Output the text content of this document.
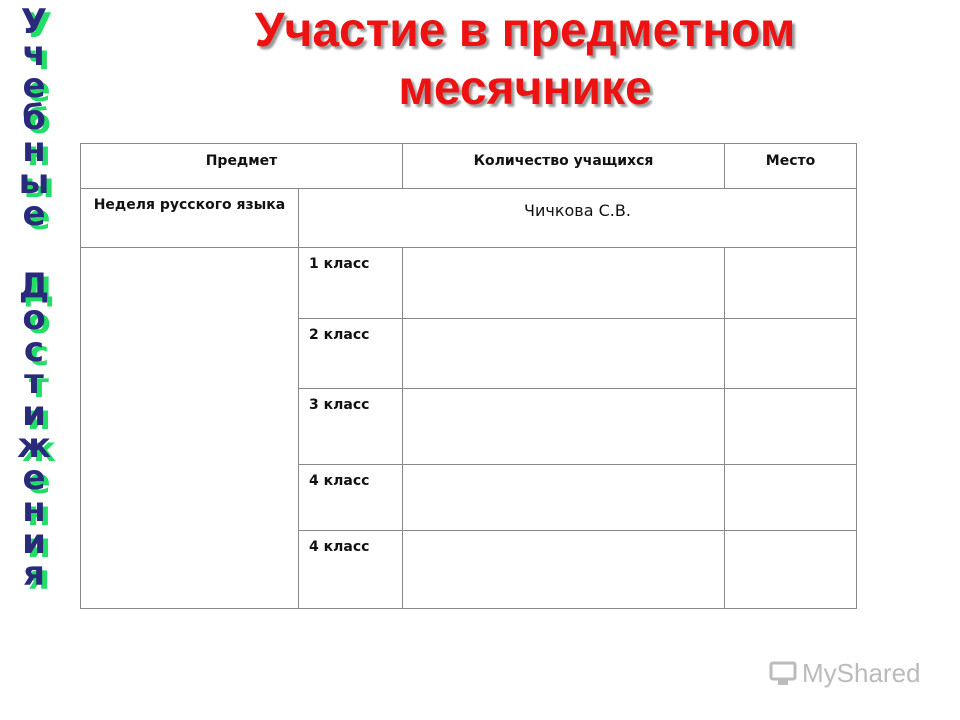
У
ч
е
б
н
ы
е
Д
о
с
т
и
ж
е
н
и
я
Участие в предметном месячнике
Предмет		Количество учащихся	Место
Неделя русского языка	Чичкова С.В.		
	1 класс		
	2 класс		
	3 класс		
	4 класс		
	4 класс		
MyShared
